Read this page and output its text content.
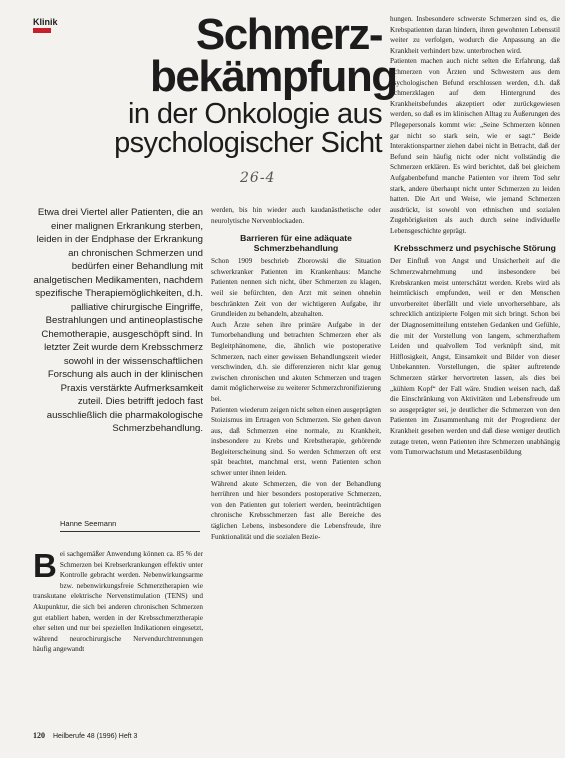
Klinik	Schmerz-
bekämpfung
in der Onkologie aus
psychologischer Sicht
26-4

Etwa drei Viertel aller Patienten, die an einer malignen Erkrankung sterben, leiden in der Endphase der Erkrankung an chronischen Schmerzen und bedürfen einer Behandlung mit analgetischen Medikamenten, nachdem spezifische Therapiemöglichkeiten, d.h. palliative chirurgische Eingriffe, Bestrahlungen und antineoplastische Chemotherapie, ausgeschöpft sind. In letzter Zeit wurde dem Krebsschmerz sowohl in der wissenschaftlichen Forschung als auch in der klinischen Praxis verstärkte Aufmerksamkeit zuteil. Dies betrifft jedoch fast ausschließlich die pharmakologische Schmerzbehandlung.

Hanne Seemann
B ei sachgemäßer Anwendung können ca. 85 % der Schmerzen bei Krebserkrankungen effektiv unter Kontrolle gebracht werden. Nebenwirkungsarme bzw. nebenwirkungsfreie Schmerztherapien wie transkutane elektrische Nervenstimulation (TENS) und Akupunktur, die sich bei anderen chronischen Schmerzen gut etabliert haben, werden in der Krebsschmerztherapie eher selten und nur bei speziellen Indikationen eingesetzt, während neurochirurgische Nervendurchtrennungen häufig angewandt

werden, bis hin wieder auch kaudanästhetische oder neurolytische Nervenblockaden.

Barrieren für eine adäquate Schmerzbehandlung

Schon 1909 beschrieb Zborowski die Situation schwerkranker Patienten im Krankenhaus: Manche Patienten nennen sich nicht, über Schmerzen zu klagen, weil sie befürchten, den Arzt mit seinen ohnehin beschränkten Zeit von der wichtigeren Aufgabe, ihr Grundleiden zu behandeln, abzuhalten.

Auch Ärzte sehen ihre primäre Aufgabe in der Tumorbehandlung und betrachten Schmerzen eher als Begleitphänomene, die, ähnlich wie postoperative Schmerzen, nach einer gewissen Behandlungszeit wieder verschwinden, d.h. sie differenzieren nicht klar genug zwischen chronischen und akuten Schmerzen und tragen damit möglicherweise zu weiterer Schmerzchronifizierung bei.

Patienten wiederum zeigen nicht selten einen ausgeprägten Stoizismus im Ertragen von Schmerzen. Sie gehen davon aus, daß Schmerzen eine normale, zu Krankheit, insbesondere zu Krebs und Krebstherapie, gehörende Begleiterscheinung sind. So werden Schmerzen oft erst spät beachtet, manchmal erst, wenn Patienten schon schwer unter ihnen leiden.

Während akute Schmerzen, die von der Behandlung herrühren und hier besonders postoperative Schmerzen, von den Patienten gut toleriert werden, beeinträchtigen chronische Krebsschmerzen fast alle Bereiche des täglichen Lebens, insbesondere die Lebensfreude, ihre Funktionalität und die sozialen Bezie-

hungen. Insbesondere schwerste Schmerzen sind es, die Krebspatienten daran hindern, ihren gewohnten Lebensstil weiter zu verfolgen, wodurch die Anpassung an die Krankheit verhindert bzw. unterbrochen wird.

Patienten machen auch nicht selten die Erfahrung, daß Schmerzen von Ärzten und Schwestern aus dem psychologischen Befund erschlossen werden, d.h. daß Schmerzklagen auf dem Hintergrund des Krankheitsbefundes akzeptiert oder zurückgewiesen werden, so daß es im klinischen Alltag zu Äußerungen des Pflegepersonals kommt wie: „Seine Schmerzen können gar nicht so stark sein, wie er sagt.“ Beide Interaktionspartner ziehen dabei nicht in Betracht, daß der Befund sein häufig nicht oder nicht vollständig die Schmerzen erklären. Es wird berichtet, daß bei gleichem Aufgabenbefund manche Patienten vor ihrem Tod sehr stark, andere überhaupt nicht unter Schmerzen zu leiden hatten. Die Art und Weise, wie jemand Schmerzen ausdrückt, ist sowohl von ethnischen und sozialen Zugehörigkeiten als auch durch seine individuelle Lebensgeschichte geprägt.

Krebsschmerz und psychische Störung

Der Einfluß von Angst und Unsicherheit auf die Schmerzwahrnehmung und insbesondere bei Krebskranken meist unterschätzt werden. Krebs wird als heimtückisch empfunden, weil er den Menschen unvorbereitet überfällt und viele unvorhersehbare, als schrecklich antizipierte Folgen mit sich bringt. Schon bei der Diagnosemitteilung entstehen Gedanken und Gefühle, die mit der Vorstellung von langem, schmerzhaftem Leiden und qualvollem Tod verknüpft sind, mit Hilflosigkeit, Angst, Einsamkeit und Bilder von dieser Unbekannten. Vorstellungen, die später auftretende Schmerzen stärker hervortreten lassen, als dies bei „kühlem Kopf“ der Fall wäre. Studien weisen nach, daß die Einschränkung von Aktivitäten und Lebensfreude um so ausgeprägter sei, je deutlicher die Schmerzen von den Patienten im Zusammenhang mit der Progredienz der Krankheit gesehen werden und daß diese weniger deutlich zutage treten, wenn Patienten ihre Schmerzen unabhängig vom Tumorwachstum und Metastasenbildung

120 Heilberufe 48 (1996) Heft 3
